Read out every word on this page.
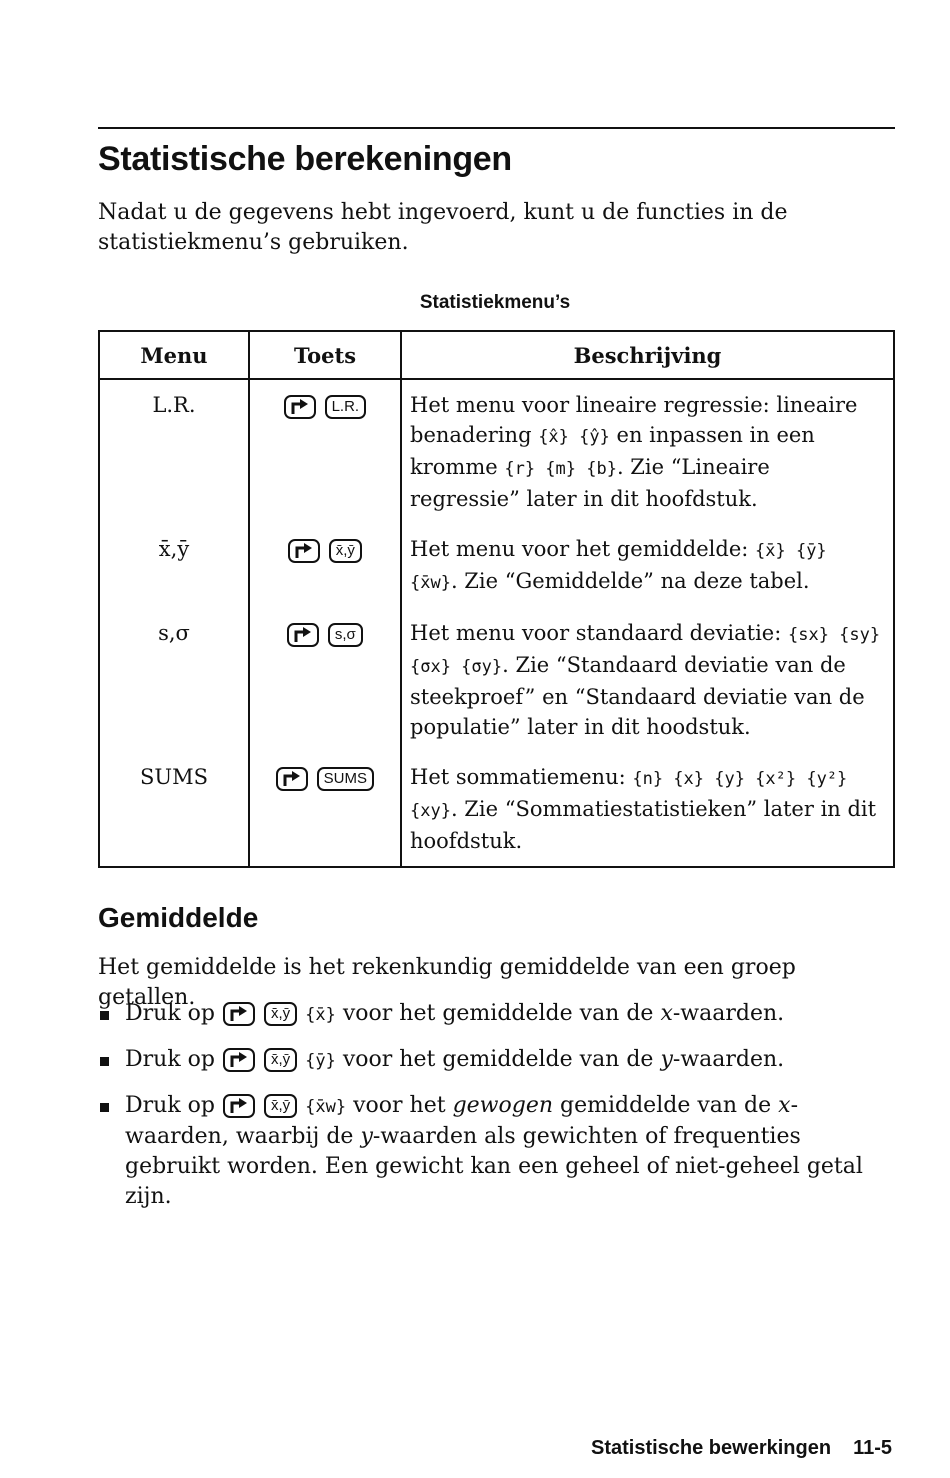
Statistische berekeningen
Nadat u de gegevens hebt ingevoerd, kunt u de functies in de statistiekmenu’s gebruiken.
Statistiekmenu’s
Menu	Toets	Beschrijving
L.R.	L.R.	Het menu voor lineaire regressie: lineaire benadering {x̂} {ŷ} en inpassen in een kromme {r} {m} {b}. Zie “Lineaire regressie” later in dit hoofdstuk.
x̄,ȳ	x̄,ȳ	Het menu voor het gemiddelde: {x̄} {ȳ} {x̄w}. Zie “Gemiddelde” na deze tabel.
s,σ	s,σ	Het menu voor standaard deviatie: {sx} {sy} {σx} {σy}. Zie “Standaard deviatie van de steekproef” en “Standaard deviatie van de populatie” later in dit hoodstuk.
SUMS	SUMS	Het sommatiemenu: {n} {x} {y} {x²} {y²} {xy}. Zie “Sommatiestatistieken” later in dit hoofdstuk.
Gemiddelde
Het gemiddelde is het rekenkundig gemiddelde van een groep getallen.
Druk op	x̄,ȳ {x̄} voor het gemiddelde van de x-waarden.
Druk op	x̄,ȳ {ȳ} voor het gemiddelde van de y-waarden.
Druk op	x̄,ȳ {x̄w} voor het gewogen gemiddelde van de x-waarden, waarbij de y-waarden als gewichten of frequenties gebruikt worden. Een gewicht kan een geheel of niet-geheel getal zijn.
Statistische bewerkingen 11-5
